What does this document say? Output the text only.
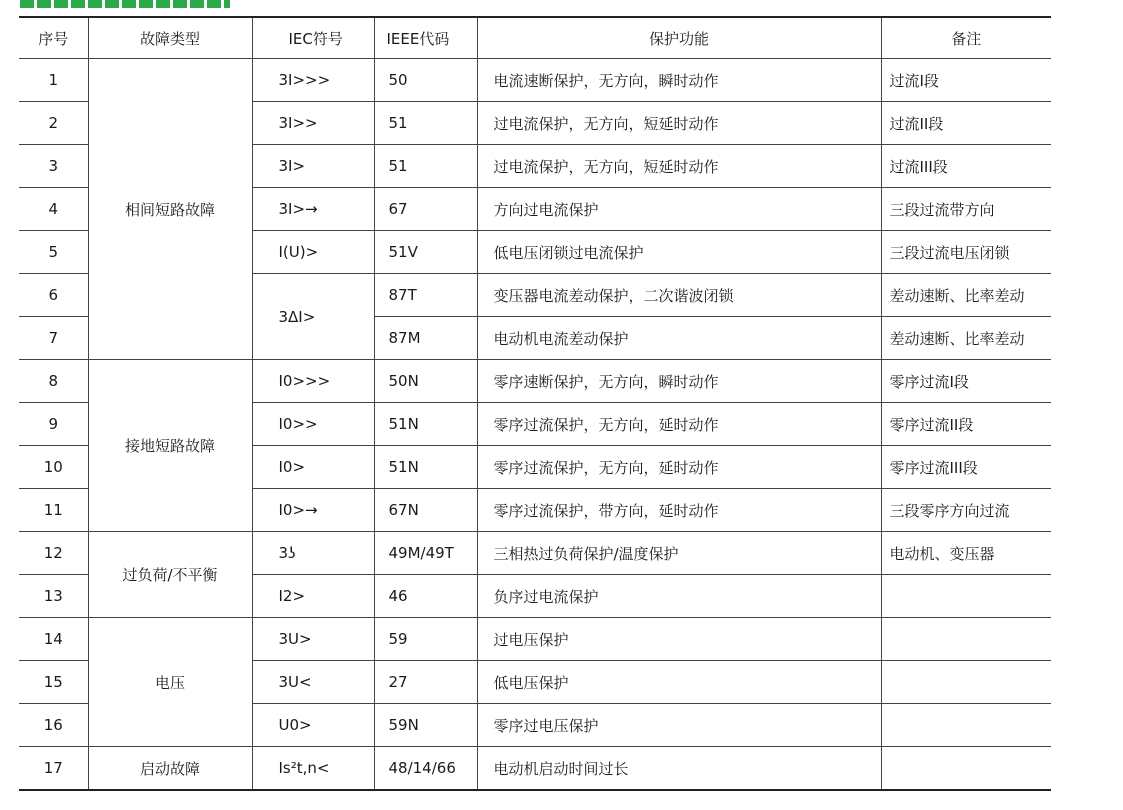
序号	故障类型	IEC符号	IEEE代码	保护功能	备注
1	相间短路故障	3I>>>	50	电流速断保护，无方向，瞬时动作	过流I段
2		3I>>	51	过电流保护，无方向，短延时动作	过流II段
3		3I>	51	过电流保护，无方向，短延时动作	过流III段
4		3I>→	67	方向过电流保护	三段过流带方向
5		I(U)>	51V	低电压闭锁过电流保护	三段过流电压闭锁
6		3ΔI>	87T	变压器电流差动保护，二次谐波闭锁	差动速断、比率差动
7			87M	电动机电流差动保护	差动速断、比率差动
8	接地短路故障	I0>>>	50N	零序速断保护，无方向，瞬时动作	零序过流I段
9		I0>>	51N	零序过流保护，无方向，延时动作	零序过流II段
10		I0>	51N	零序过流保护，无方向，延时动作	零序过流III段
11		I0>→	67N	零序过流保护，带方向，延时动作	三段零序方向过流
12	过负荷/不平衡	3ʖ	49M/49T	三相热过负荷保护/温度保护	电动机、变压器
13		I2>	46	负序过电流保护	
14	电压	3U>	59	过电压保护	
15		3U<	27	低电压保护	
16		U0>	59N	零序过电压保护	
17	启动故障	Is²t,n<	48/14/66	电动机启动时间过长	
